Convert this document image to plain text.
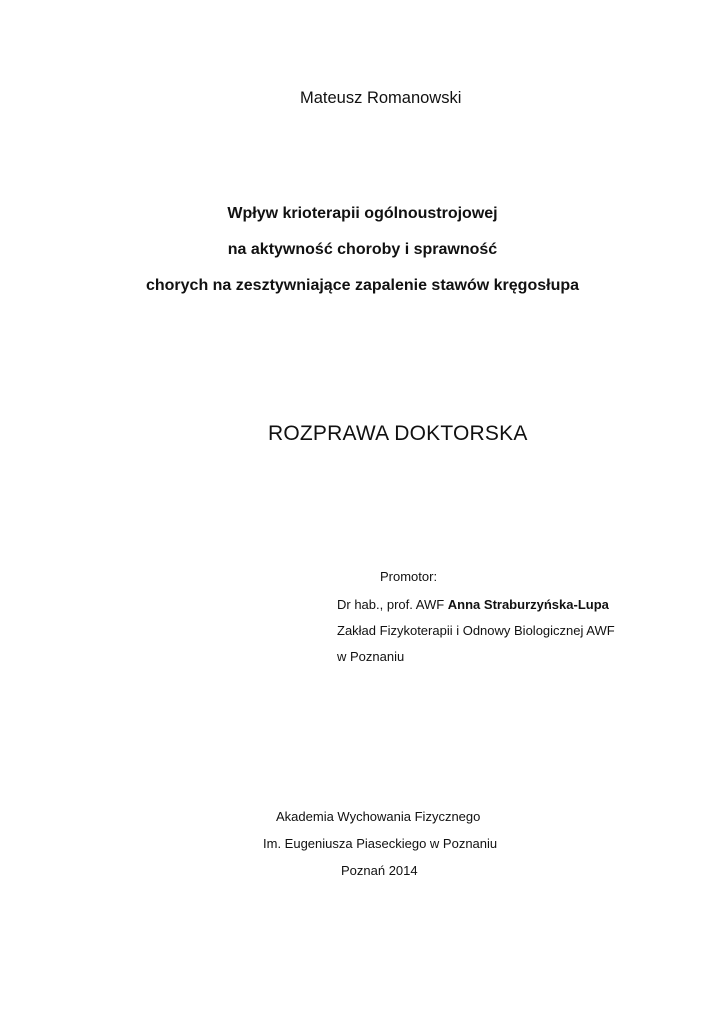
Mateusz Romanowski
Wpływ krioterapii ogólnoustrojowej
na aktywność choroby i sprawność
chorych na zesztywniające zapalenie stawów kręgosłupa
ROZPRAWA DOKTORSKA
Promotor:
Dr hab., prof. AWF Anna Straburzyńska-Lupa
Zakład Fizykoterapii i Odnowy Biologicznej AWF
w Poznaniu
Akademia Wychowania Fizycznego
Im. Eugeniusza Piaseckiego w Poznaniu
Poznań 2014
